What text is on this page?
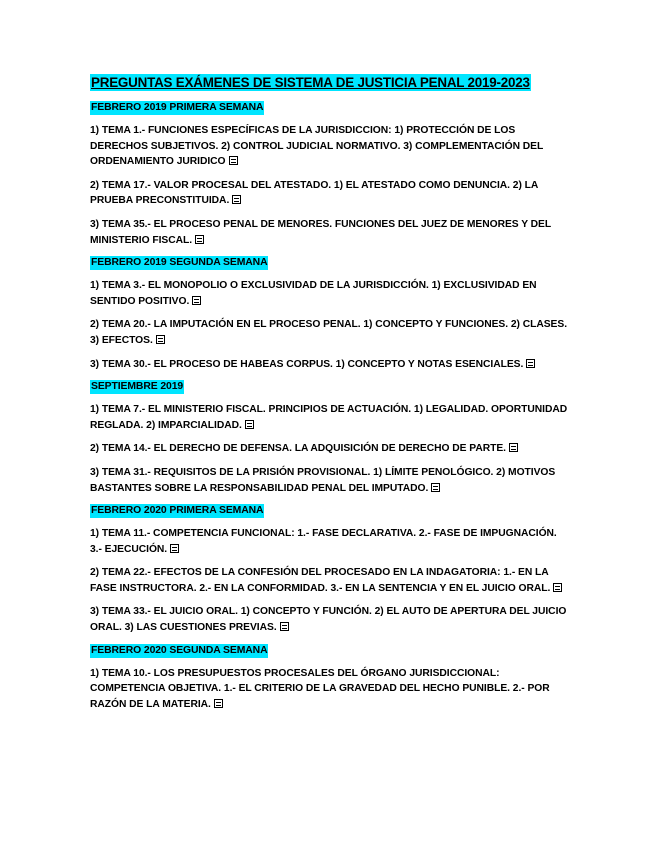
PREGUNTAS EXÁMENES DE SISTEMA DE JUSTICIA PENAL 2019-2023
FEBRERO 2019 PRIMERA SEMANA

1) TEMA 1.- FUNCIONES ESPECÍFICAS DE LA JURISDICCION: 1) PROTECCIÓN DE LOS DERECHOS SUBJETIVOS. 2) CONTROL JUDICIAL NORMATIVO. 3) COMPLEMENTACIÓN DEL ORDENAMIENTO JURIDICO

2) TEMA 17.- VALOR PROCESAL DEL ATESTADO. 1) EL ATESTADO COMO DENUNCIA. 2) LA PRUEBA PRECONSTITUIDA.

3) TEMA 35.- EL PROCESO PENAL DE MENORES. FUNCIONES DEL JUEZ DE MENORES Y DEL MINISTERIO FISCAL.

FEBRERO 2019 SEGUNDA SEMANA

1) TEMA 3.- EL MONOPOLIO O EXCLUSIVIDAD DE LA JURISDICCIÓN. 1) EXCLUSIVIDAD EN SENTIDO POSITIVO.

2) TEMA 20.- LA IMPUTACIÓN EN EL PROCESO PENAL. 1) CONCEPTO Y FUNCIONES. 2) CLASES. 3) EFECTOS.

3) TEMA 30.- EL PROCESO DE HABEAS CORPUS. 1) CONCEPTO Y NOTAS ESENCIALES.

SEPTIEMBRE 2019

1) TEMA 7.- EL MINISTERIO FISCAL. PRINCIPIOS DE ACTUACIÓN. 1) LEGALIDAD. OPORTUNIDAD REGLADA. 2) IMPARCIALIDAD.

2) TEMA 14.- EL DERECHO DE DEFENSA. LA ADQUISICIÓN DE DERECHO DE PARTE.

3) TEMA 31.- REQUISITOS DE LA PRISIÓN PROVISIONAL. 1) LÍMITE PENOLÓGICO. 2) MOTIVOS BASTANTES SOBRE LA RESPONSABILIDAD PENAL DEL IMPUTADO.

FEBRERO 2020 PRIMERA SEMANA

1) TEMA 11.- COMPETENCIA FUNCIONAL: 1.- FASE DECLARATIVA. 2.- FASE DE IMPUGNACIÓN. 3.- EJECUCIÓN.

2) TEMA 22.- EFECTOS DE LA CONFESIÓN DEL PROCESADO EN LA INDAGATORIA: 1.- EN LA FASE INSTRUCTORA. 2.- EN LA CONFORMIDAD. 3.- EN LA SENTENCIA Y EN EL JUICIO ORAL.

3) TEMA 33.- EL JUICIO ORAL. 1) CONCEPTO Y FUNCIÓN. 2) EL AUTO DE APERTURA DEL JUICIO ORAL. 3) LAS CUESTIONES PREVIAS.

FEBRERO 2020 SEGUNDA SEMANA

1) TEMA 10.- LOS PRESUPUESTOS PROCESALES DEL ÓRGANO JURISDICCIONAL: COMPETENCIA OBJETIVA. 1.- EL CRITERIO DE LA GRAVEDAD DEL HECHO PUNIBLE. 2.- POR RAZÓN DE LA MATERIA.
